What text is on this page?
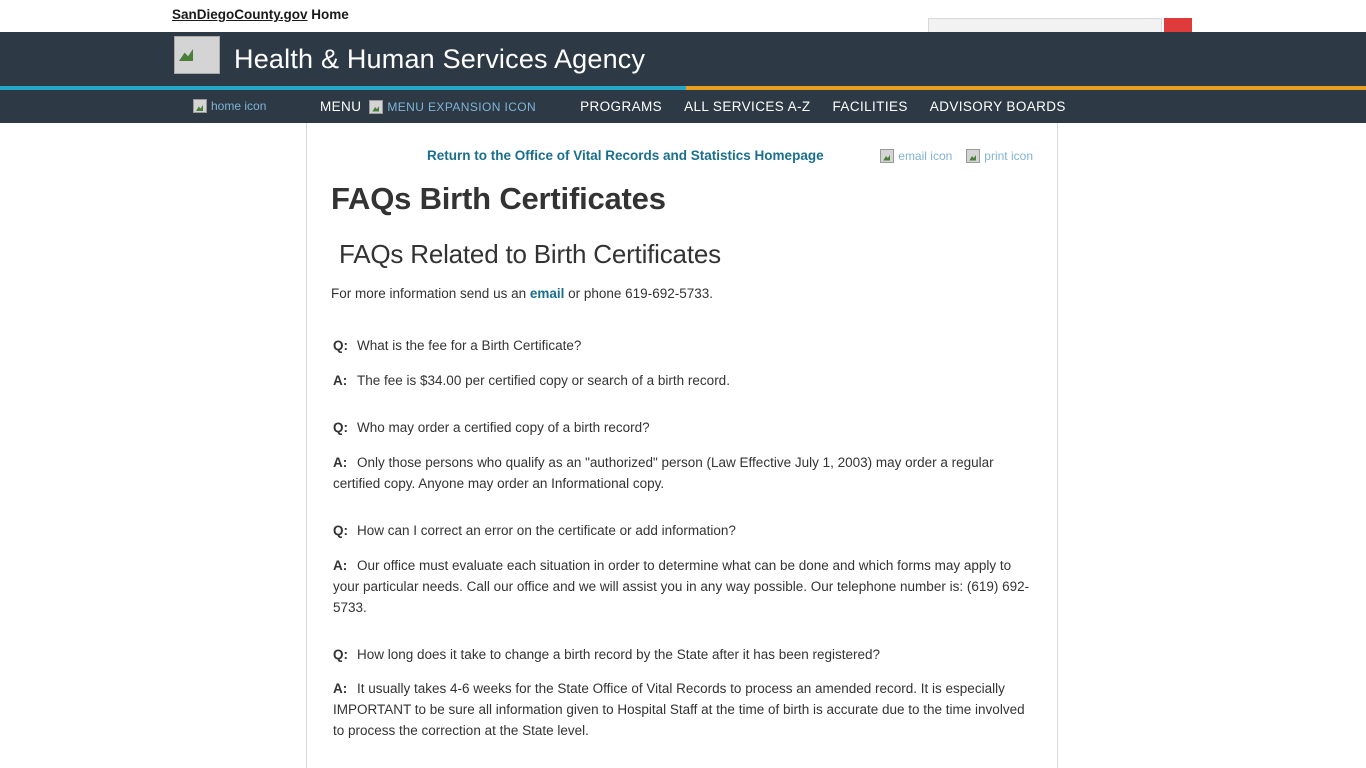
SanDiegoCounty.gov Home
Health & Human Services Agency
home icon	MENU	MENU EXPANSION ICON	PROGRAMS	ALL SERVICES A-Z	FACILITIES	ADVISORY BOARDS
Return to the Office of Vital Records and Statistics Homepage	email icon	print icon
FAQs Birth Certificates
FAQs Related to Birth Certificates

For more information send us an email or phone 619-692-5733.

Q: What is the fee for a Birth Certificate?

A: The fee is $34.00 per certified copy or search of a birth record.

Q: Who may order a certified copy of a birth record?

A: Only those persons who qualify as an "authorized" person (Law Effective July 1, 2003) may order a regular certified copy. Anyone may order an Informational copy.

Q: How can I correct an error on the certificate or add information?

A: Our office must evaluate each situation in order to determine what can be done and which forms may apply to your particular needs. Call our office and we will assist you in any way possible. Our telephone number is: (619) 692-5733.

Q: How long does it take to change a birth record by the State after it has been registered?

A: It usually takes 4-6 weeks for the State Office of Vital Records to process an amended record. It is especially IMPORTANT to be sure all information given to Hospital Staff at the time of birth is accurate due to the time involved to process the correction at the State level.
